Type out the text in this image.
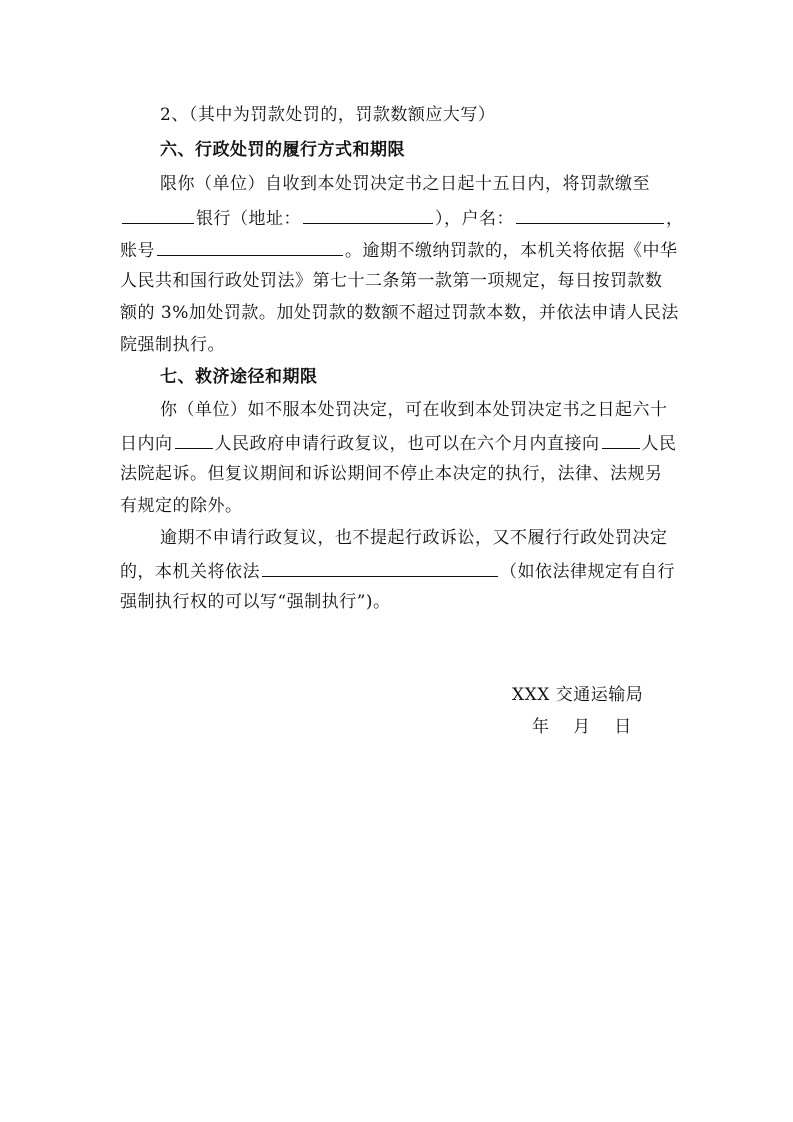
2、（其中为罚款处罚的，罚款数额应大写）
六、行政处罚的履行方式和期限
限你（单位）自收到本处罚决定书之日起十五日内，将罚款缴至
银行（地址：	），户名：	，
账号	。逾期不缴纳罚款的，本机关将依据《中华
人民共和国行政处罚法》第七十二条第一款第一项规定，每日按罚款数
额的 3%加处罚款。加处罚款的数额不超过罚款本数，并依法申请人民法
院强制执行。
七、救济途径和期限
你（单位）如不服本处罚决定，可在收到本处罚决定书之日起六十
日内向 人民政府申请行政复议，也可以在六个月内直接向 人民
法院起诉。但复议期间和诉讼期间不停止本决定的执行，法律、法规另
有规定的除外。
逾期不申请行政复议，也不提起行政诉讼，又不履行行政处罚决定
的，本机关将依法	（如依法律规定有自行
强制执行权的可以写“强制执行”)。
XXX 交通运输局
年    月    日
